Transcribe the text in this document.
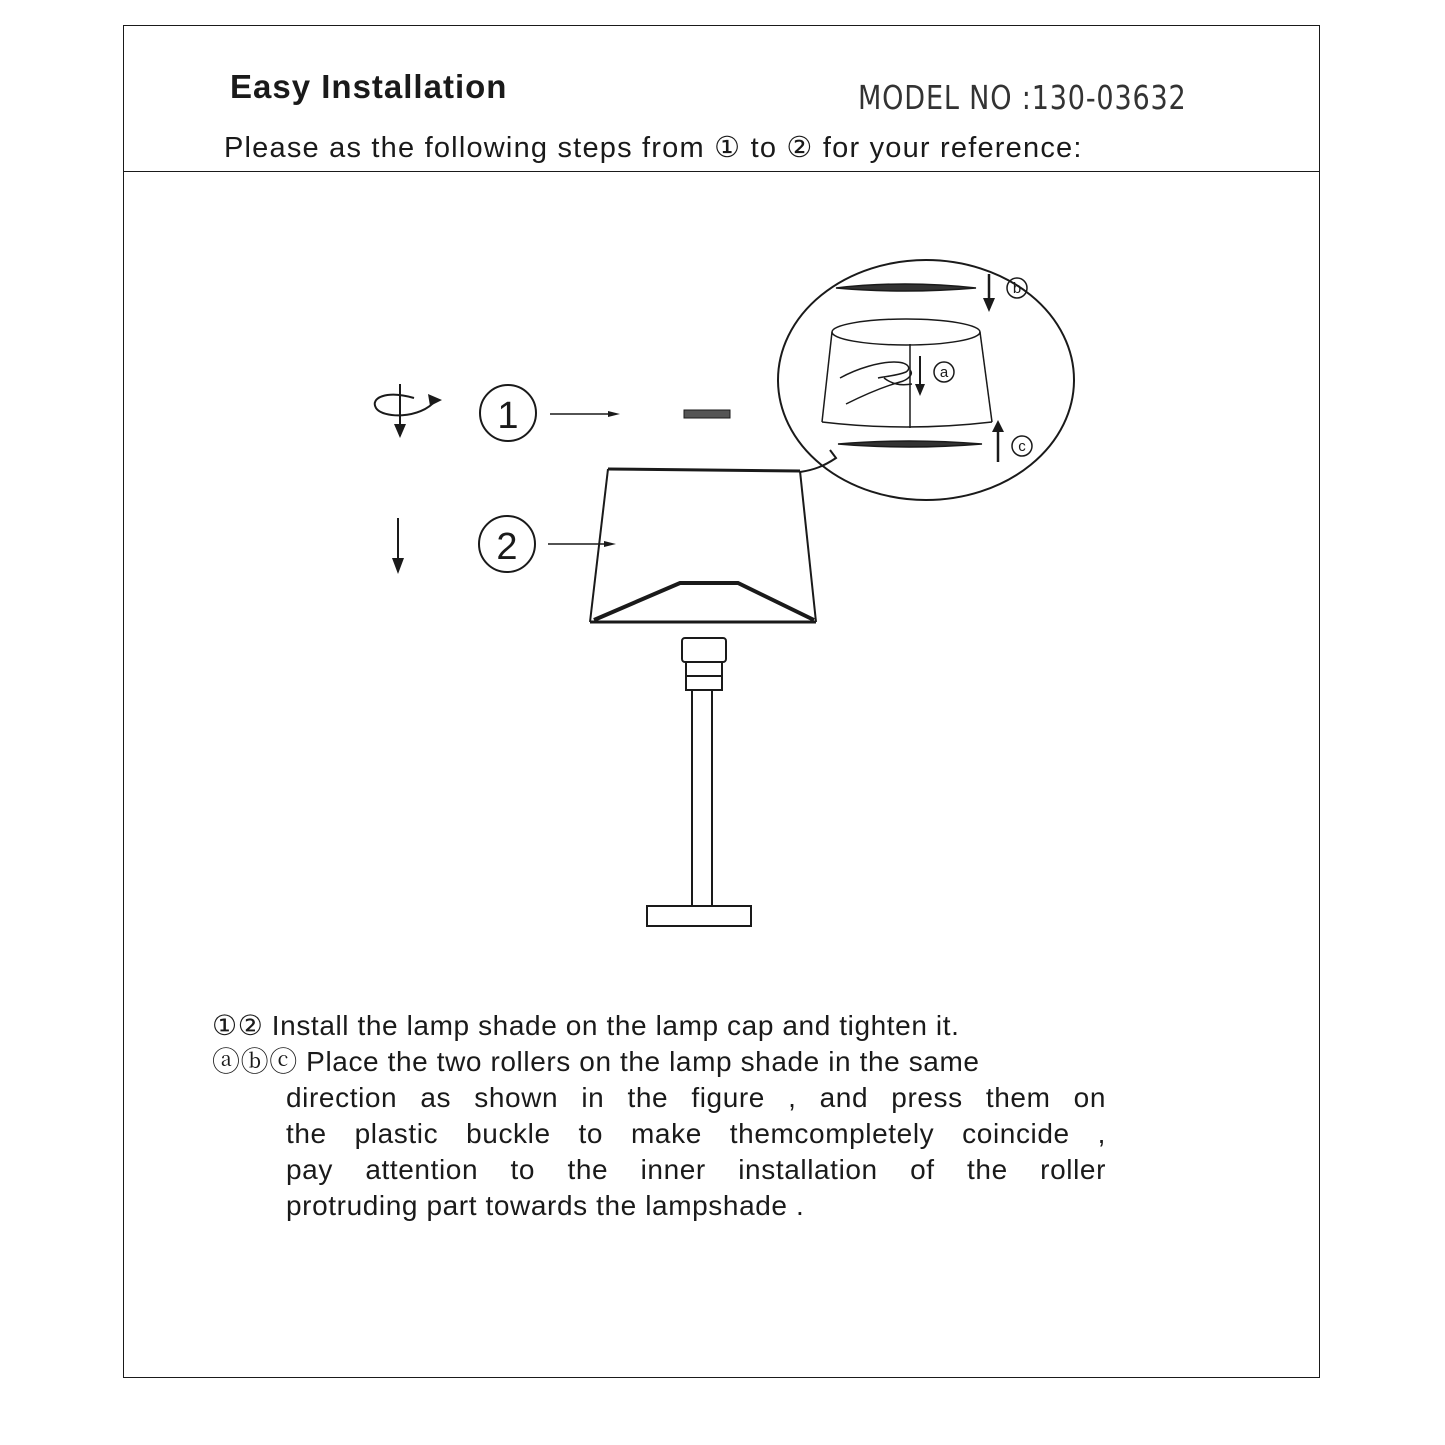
Easy Installation	MODEL NO :130-03632
Please as the following steps from ① to ② for your reference:
1
2
b
a
c
①② Install the lamp shade on the lamp cap and tighten it.
ⓐⓑⓒ Place the two rollers on the lamp shade in the same
direction as shown in the figure , and press them on
the plastic buckle to make themcompletely coincide ,
pay attention to the inner installation of the roller
protruding part towards the lampshade .
